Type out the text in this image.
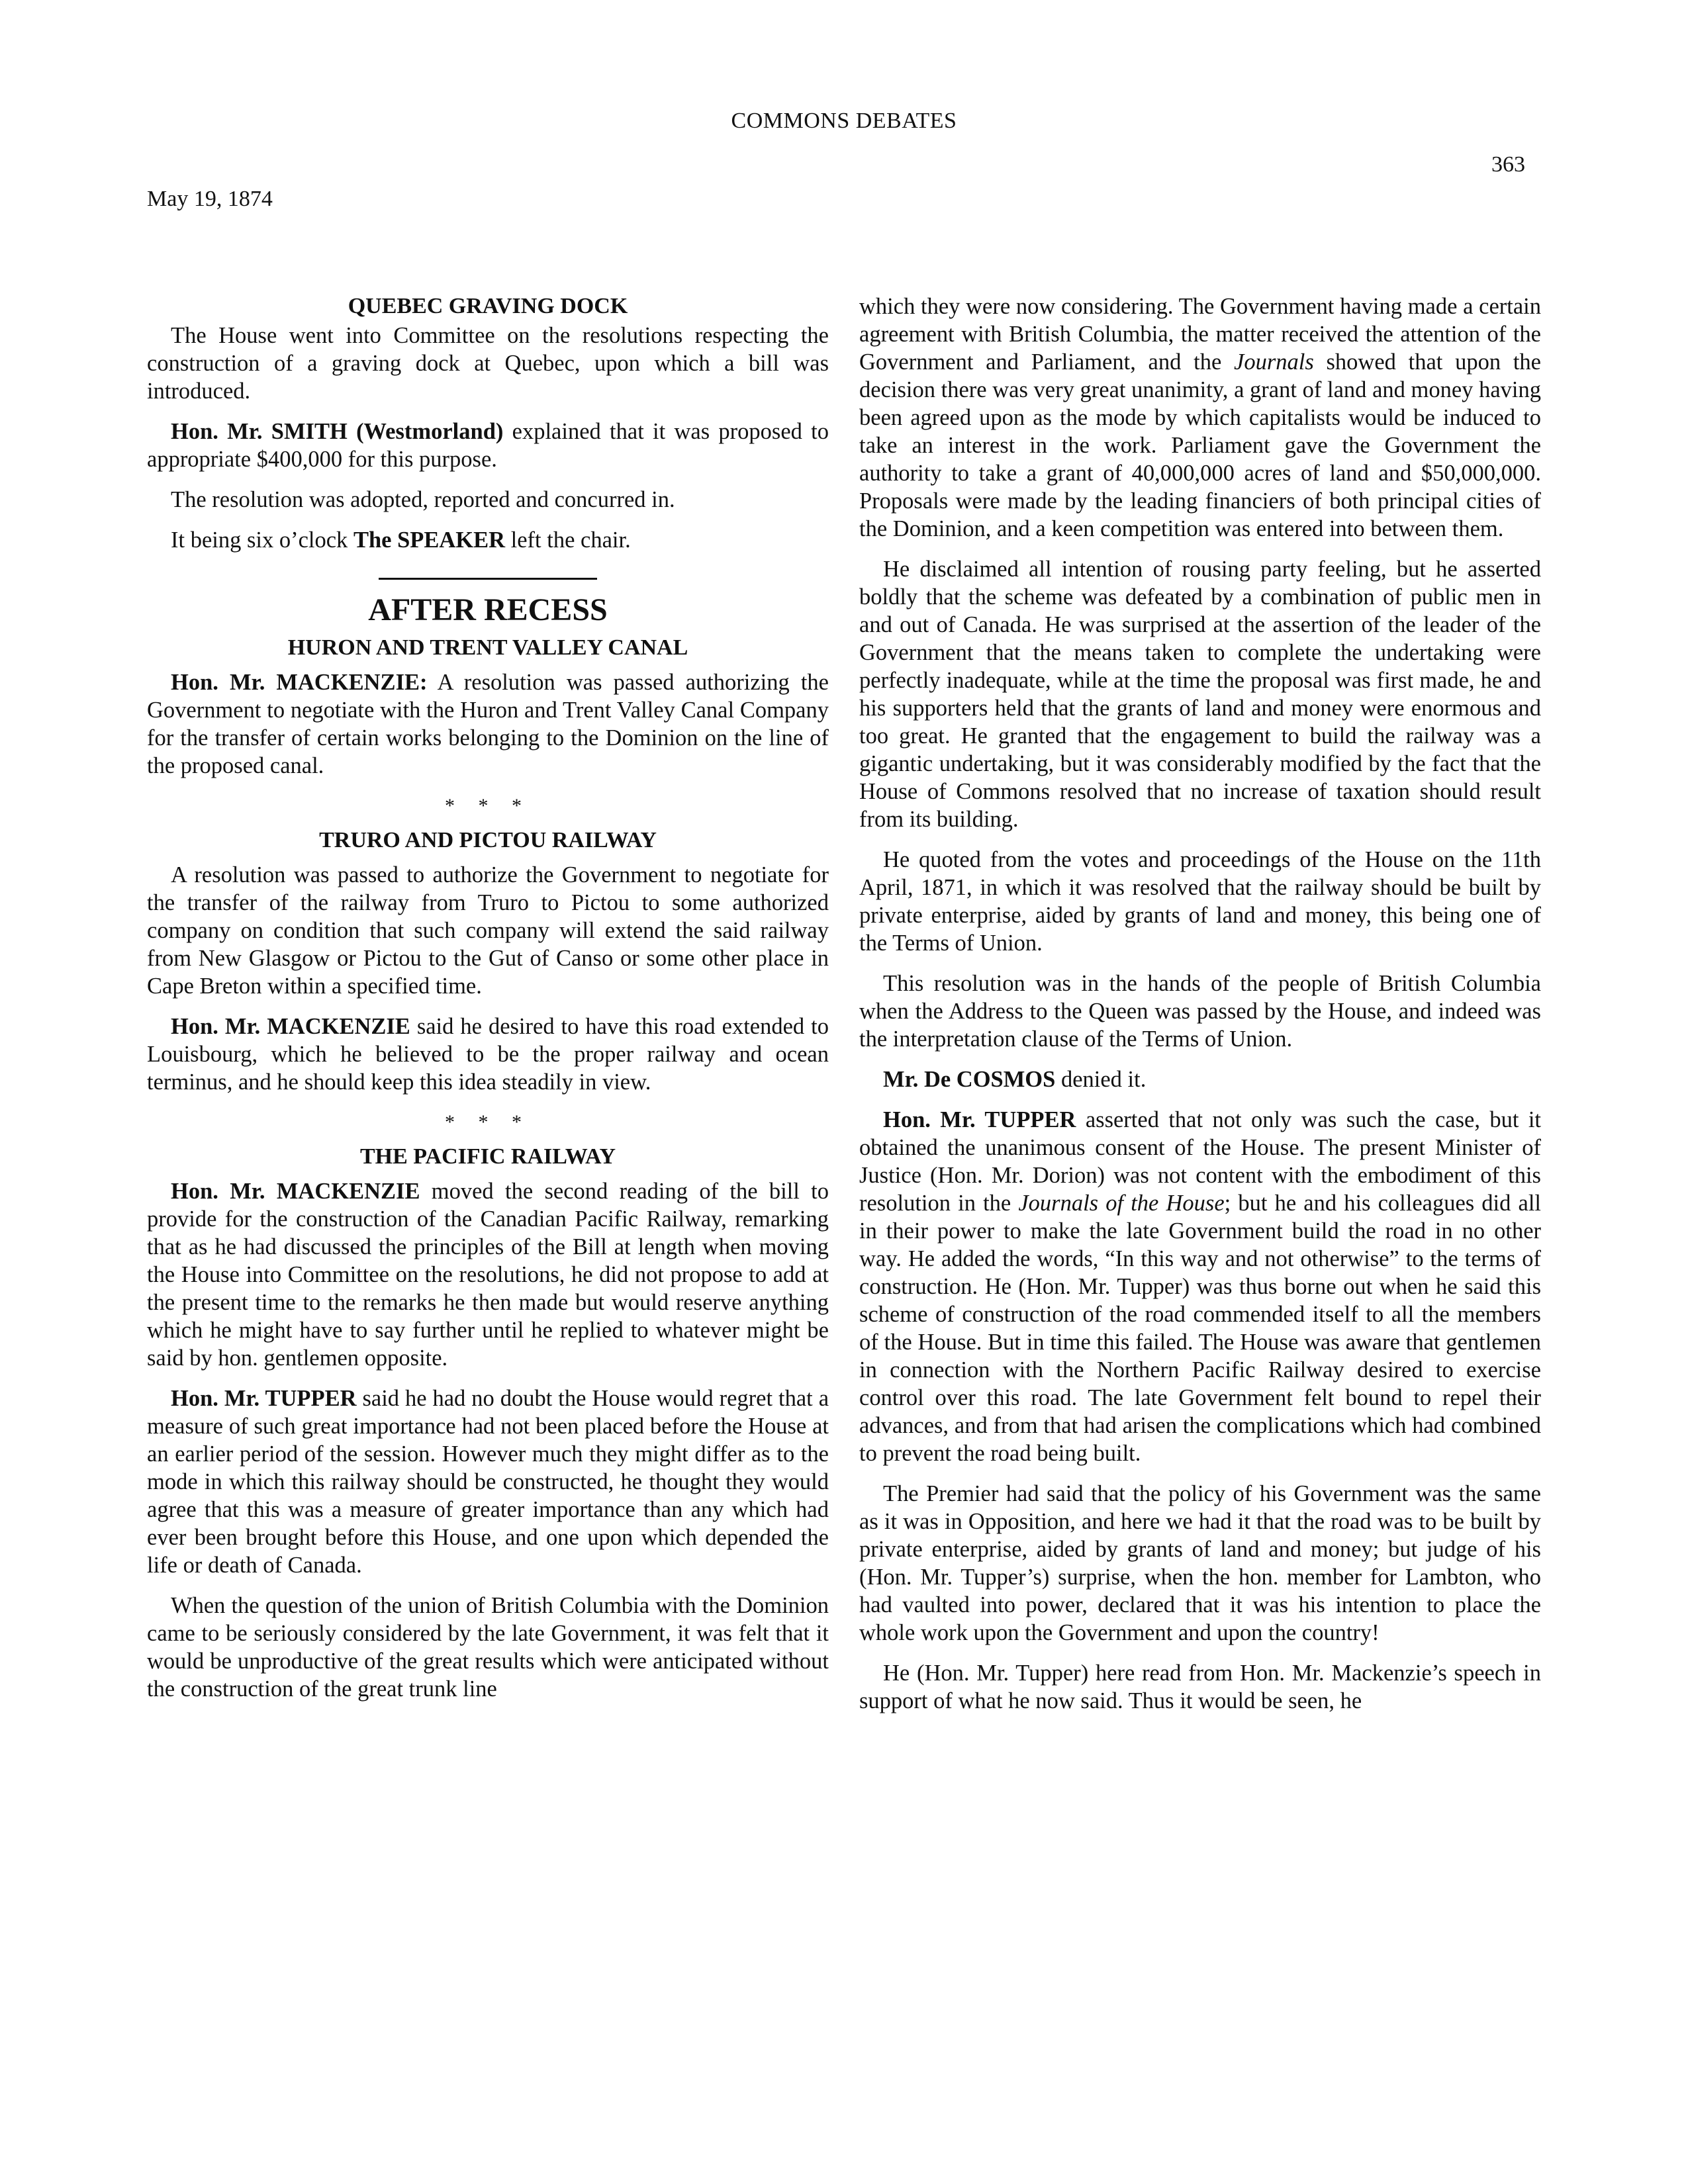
COMMONS DEBATES
363
May 19, 1874
QUEBEC GRAVING DOCK

The House went into Committee on the resolutions respecting the construction of a graving dock at Quebec, upon which a bill was introduced.

Hon. Mr. SMITH (Westmorland) explained that it was proposed to appropriate $400,000 for this purpose.

The resolution was adopted, reported and concurred in.

It being six o’clock The SPEAKER left the chair.

AFTER RECESS
HURON AND TRENT VALLEY CANAL

Hon. Mr. MACKENZIE: A resolution was passed authorizing the Government to negotiate with the Huron and Trent Valley Canal Company for the transfer of certain works belonging to the Dominion on the line of the proposed canal.

* * *
TRURO AND PICTOU RAILWAY

A resolution was passed to authorize the Government to negotiate for the transfer of the railway from Truro to Pictou to some authorized company on condition that such company will extend the said railway from New Glasgow or Pictou to the Gut of Canso or some other place in Cape Breton within a specified time.

Hon. Mr. MACKENZIE said he desired to have this road extended to Louisbourg, which he believed to be the proper railway and ocean terminus, and he should keep this idea steadily in view.

* * *
THE PACIFIC RAILWAY

Hon. Mr. MACKENZIE moved the second reading of the bill to provide for the construction of the Canadian Pacific Railway, remarking that as he had discussed the principles of the Bill at length when moving the House into Committee on the resolutions, he did not propose to add at the present time to the remarks he then made but would reserve anything which he might have to say further until he replied to whatever might be said by hon. gentlemen opposite.

Hon. Mr. TUPPER said he had no doubt the House would regret that a measure of such great importance had not been placed before the House at an earlier period of the session. However much they might differ as to the mode in which this railway should be constructed, he thought they would agree that this was a measure of greater importance than any which had ever been brought before this House, and one upon which depended the life or death of Canada.

When the question of the union of British Columbia with the Dominion came to be seriously considered by the late Government, it was felt that it would be unproductive of the great results which were anticipated without the construction of the great trunk line

which they were now considering. The Government having made a certain agreement with British Columbia, the matter received the attention of the Government and Parliament, and the Journals showed that upon the decision there was very great unanimity, a grant of land and money having been agreed upon as the mode by which capitalists would be induced to take an interest in the work. Parliament gave the Government the authority to take a grant of 40,000,000 acres of land and $50,000,000. Proposals were made by the leading financiers of both principal cities of the Dominion, and a keen competition was entered into between them.

He disclaimed all intention of rousing party feeling, but he asserted boldly that the scheme was defeated by a combination of public men in and out of Canada. He was surprised at the assertion of the leader of the Government that the means taken to complete the undertaking were perfectly inadequate, while at the time the proposal was first made, he and his supporters held that the grants of land and money were enormous and too great. He granted that the engagement to build the railway was a gigantic undertaking, but it was considerably modified by the fact that the House of Commons resolved that no increase of taxation should result from its building.

He quoted from the votes and proceedings of the House on the 11th April, 1871, in which it was resolved that the railway should be built by private enterprise, aided by grants of land and money, this being one of the Terms of Union.

This resolution was in the hands of the people of British Columbia when the Address to the Queen was passed by the House, and indeed was the interpretation clause of the Terms of Union.

Mr. De COSMOS denied it.

Hon. Mr. TUPPER asserted that not only was such the case, but it obtained the unanimous consent of the House. The present Minister of Justice (Hon. Mr. Dorion) was not content with the embodiment of this resolution in the Journals of the House; but he and his colleagues did all in their power to make the late Government build the road in no other way. He added the words, “In this way and not otherwise” to the terms of construction. He (Hon. Mr. Tupper) was thus borne out when he said this scheme of construction of the road commended itself to all the members of the House. But in time this failed. The House was aware that gentlemen in connection with the Northern Pacific Railway desired to exercise control over this road. The late Government felt bound to repel their advances, and from that had arisen the complications which had combined to prevent the road being built.

The Premier had said that the policy of his Government was the same as it was in Opposition, and here we had it that the road was to be built by private enterprise, aided by grants of land and money; but judge of his (Hon. Mr. Tupper’s) surprise, when the hon. member for Lambton, who had vaulted into power, declared that it was his intention to place the whole work upon the Government and upon the country!

He (Hon. Mr. Tupper) here read from Hon. Mr. Mackenzie’s speech in support of what he now said. Thus it would be seen, he
